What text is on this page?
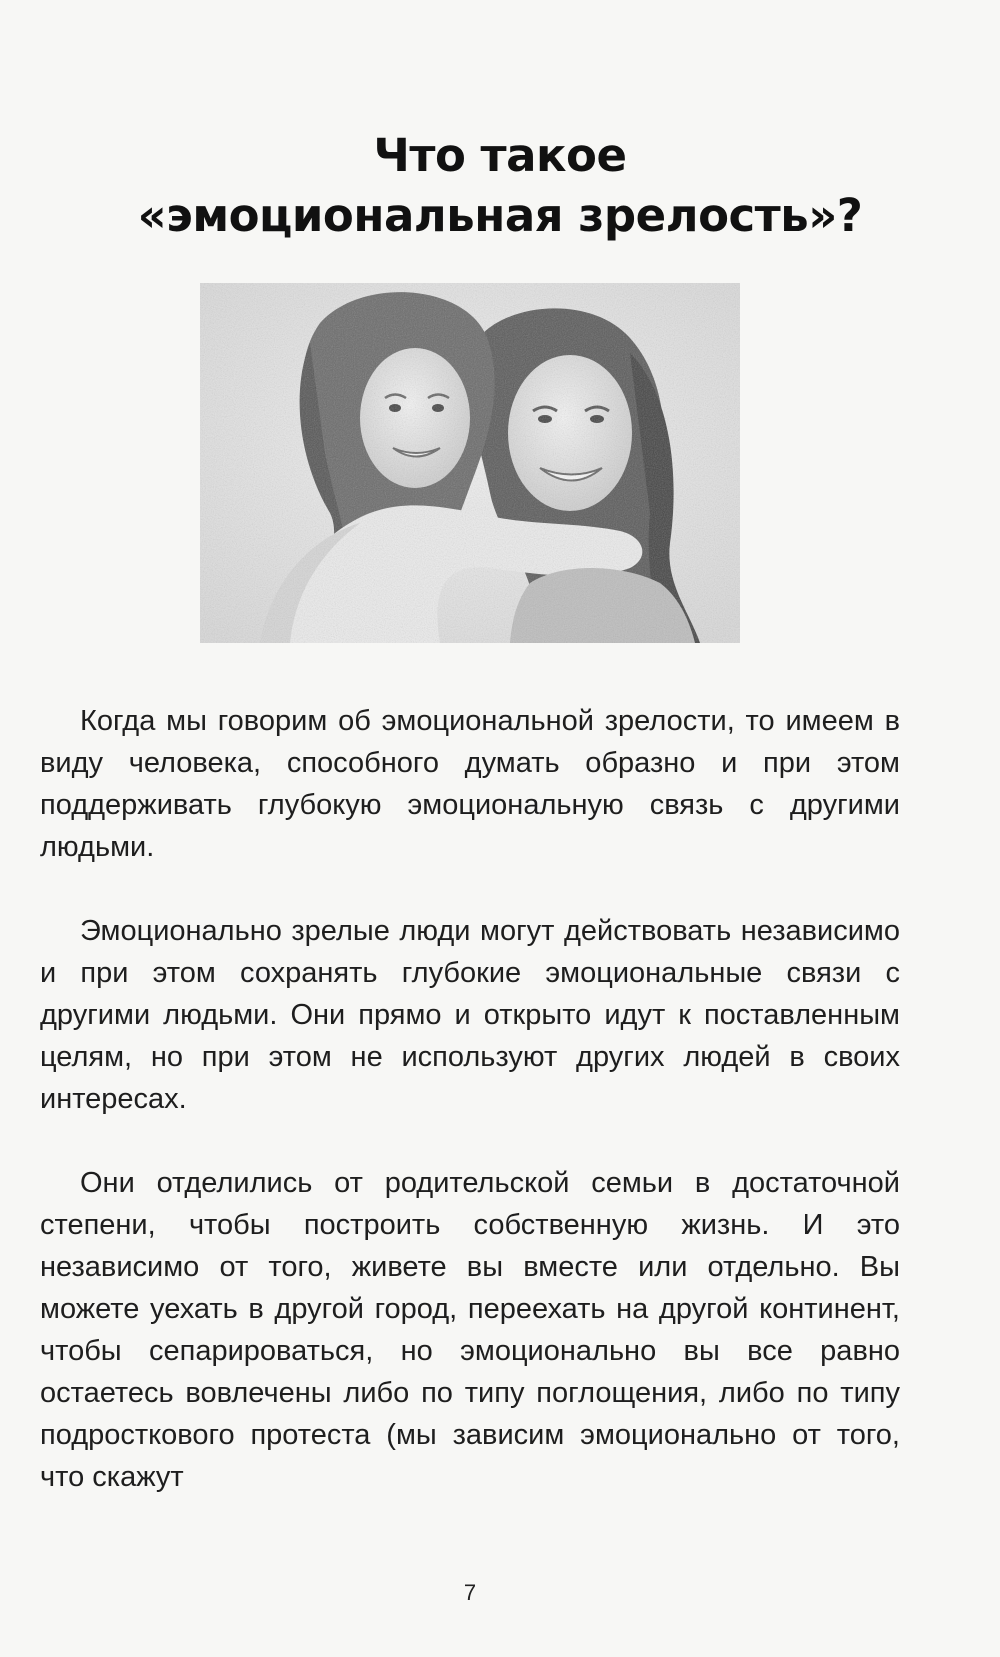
Что такое
«эмоциональная зрелость»?

Когда мы говорим об эмоциональной зрелости, то имеем в виду человека, способного думать образно и при этом поддерживать глубокую эмоциональную связь с другими людьми.

Эмоционально зрелые люди могут действовать независимо и при этом сохранять глубокие эмоциональные связи с другими людьми. Они прямо и открыто идут к поставленным целям, но при этом не используют других людей в своих интересах.

Они отделились от родительской семьи в достаточной степени, чтобы построить собственную жизнь. И это независимо от того, живете вы вместе или отдельно. Вы можете уехать в другой город, переехать на другой континент, чтобы сепарироваться, но эмоционально вы все равно остаетесь вовлечены либо по типу поглощения, либо по типу подросткового протеста (мы зависим эмоционально от того, что скажут

7
